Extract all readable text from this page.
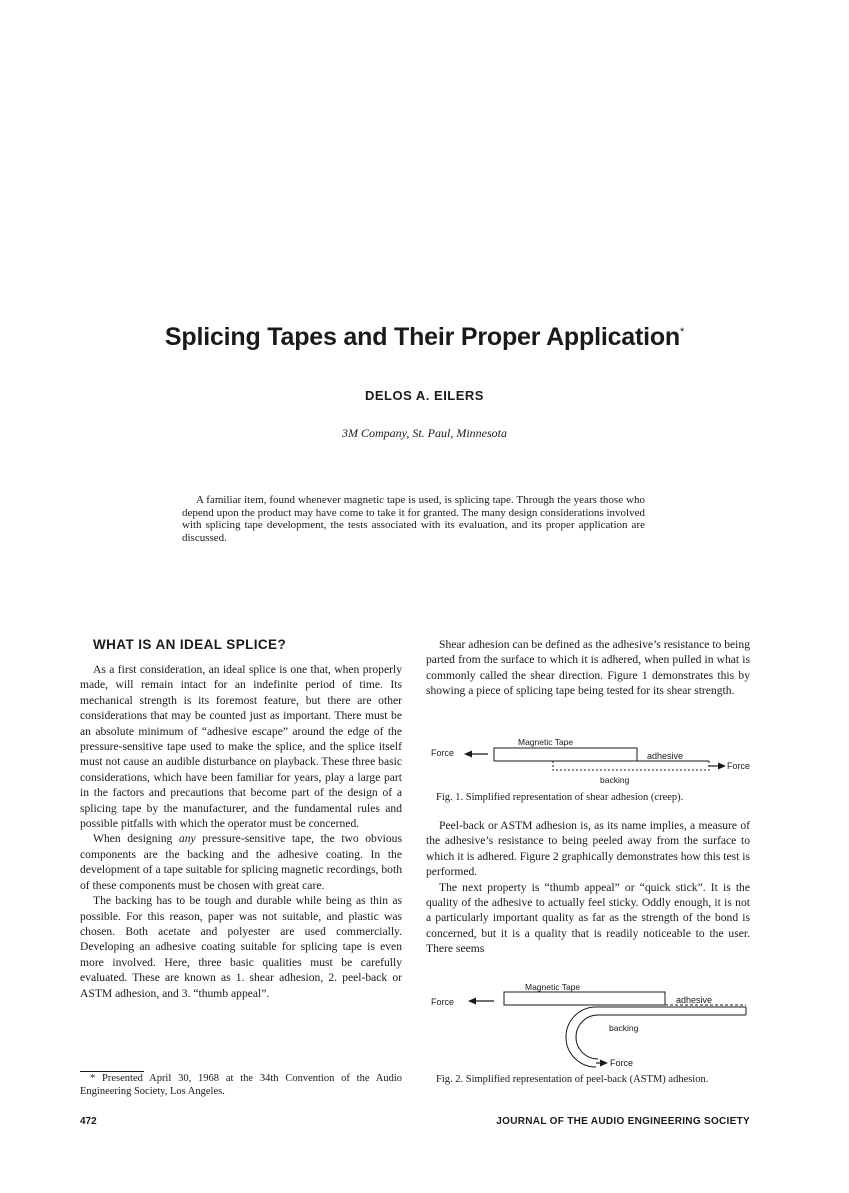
Splicing Tapes and Their Proper Application*
DELOS A. EILERS
3M Company, St. Paul, Minnesota

A familiar item, found whenever magnetic tape is used, is splicing tape. Through the years those who depend upon the product may have come to take it for granted. The many design considerations involved with splicing tape development, the tests associated with its evaluation, and its proper application are discussed.

WHAT IS AN IDEAL SPLICE?

As a first consideration, an ideal splice is one that, when properly made, will remain intact for an indefinite period of time. Its mechanical strength is its foremost feature, but there are other considerations that may be counted just as important. There must be an absolute minimum of “adhesive escape” around the edge of the pressure-sensitive tape used to make the splice, and the splice itself must not cause an audible disturbance on playback. These three basic considerations, which have been familiar for years, play a large part in the factors and precautions that become part of the design of a splicing tape by the manufacturer, and the fundamental rules and possible pitfalls with which the operator must be concerned.

When designing any pressure-sensitive tape, the two obvious components are the backing and the adhesive coating. In the development of a tape suitable for splicing magnetic recordings, both of these components must be chosen with great care.

The backing has to be tough and durable while being as thin as possible. For this reason, paper was not suitable, and plastic was chosen. Both acetate and polyester are used commercially. Developing an adhesive coating suitable for splicing tape is even more involved. Here, three basic qualities must be carefully evaluated. These are known as 1. shear adhesion, 2. peel-back or ASTM adhesion, and 3. “thumb appeal”.

* Presented April 30, 1968 at the 34th Convention of the Audio Engineering Society, Los Angeles.

Shear adhesion can be defined as the adhesive’s resistance to being parted from the surface to which it is adhered, when pulled in what is commonly called the shear direction. Figure 1 demonstrates this by showing a piece of splicing tape being tested for its shear strength.

Magnetic Tape
Force	adhesive
Force
backing

Fig. 1. Simplified representation of shear adhesion (creep).

Peel-back or ASTM adhesion is, as its name implies, a measure of the adhesive’s resistance to being peeled away from the surface to which it is adhered. Figure 2 graphically demonstrates how this test is performed.

The next property is “thumb appeal” or “quick stick”. It is the quality of the adhesive to actually feel sticky. Oddly enough, it is not a particularly important quality as far as the strength of the bond is concerned, but it is a quality that is readily noticeable to the user. There seems

Magnetic Tape
Force	adhesive
backing
Force

Fig. 2. Simplified representation of peel-back (ASTM) adhesion.

472	JOURNAL OF THE AUDIO ENGINEERING SOCIETY
